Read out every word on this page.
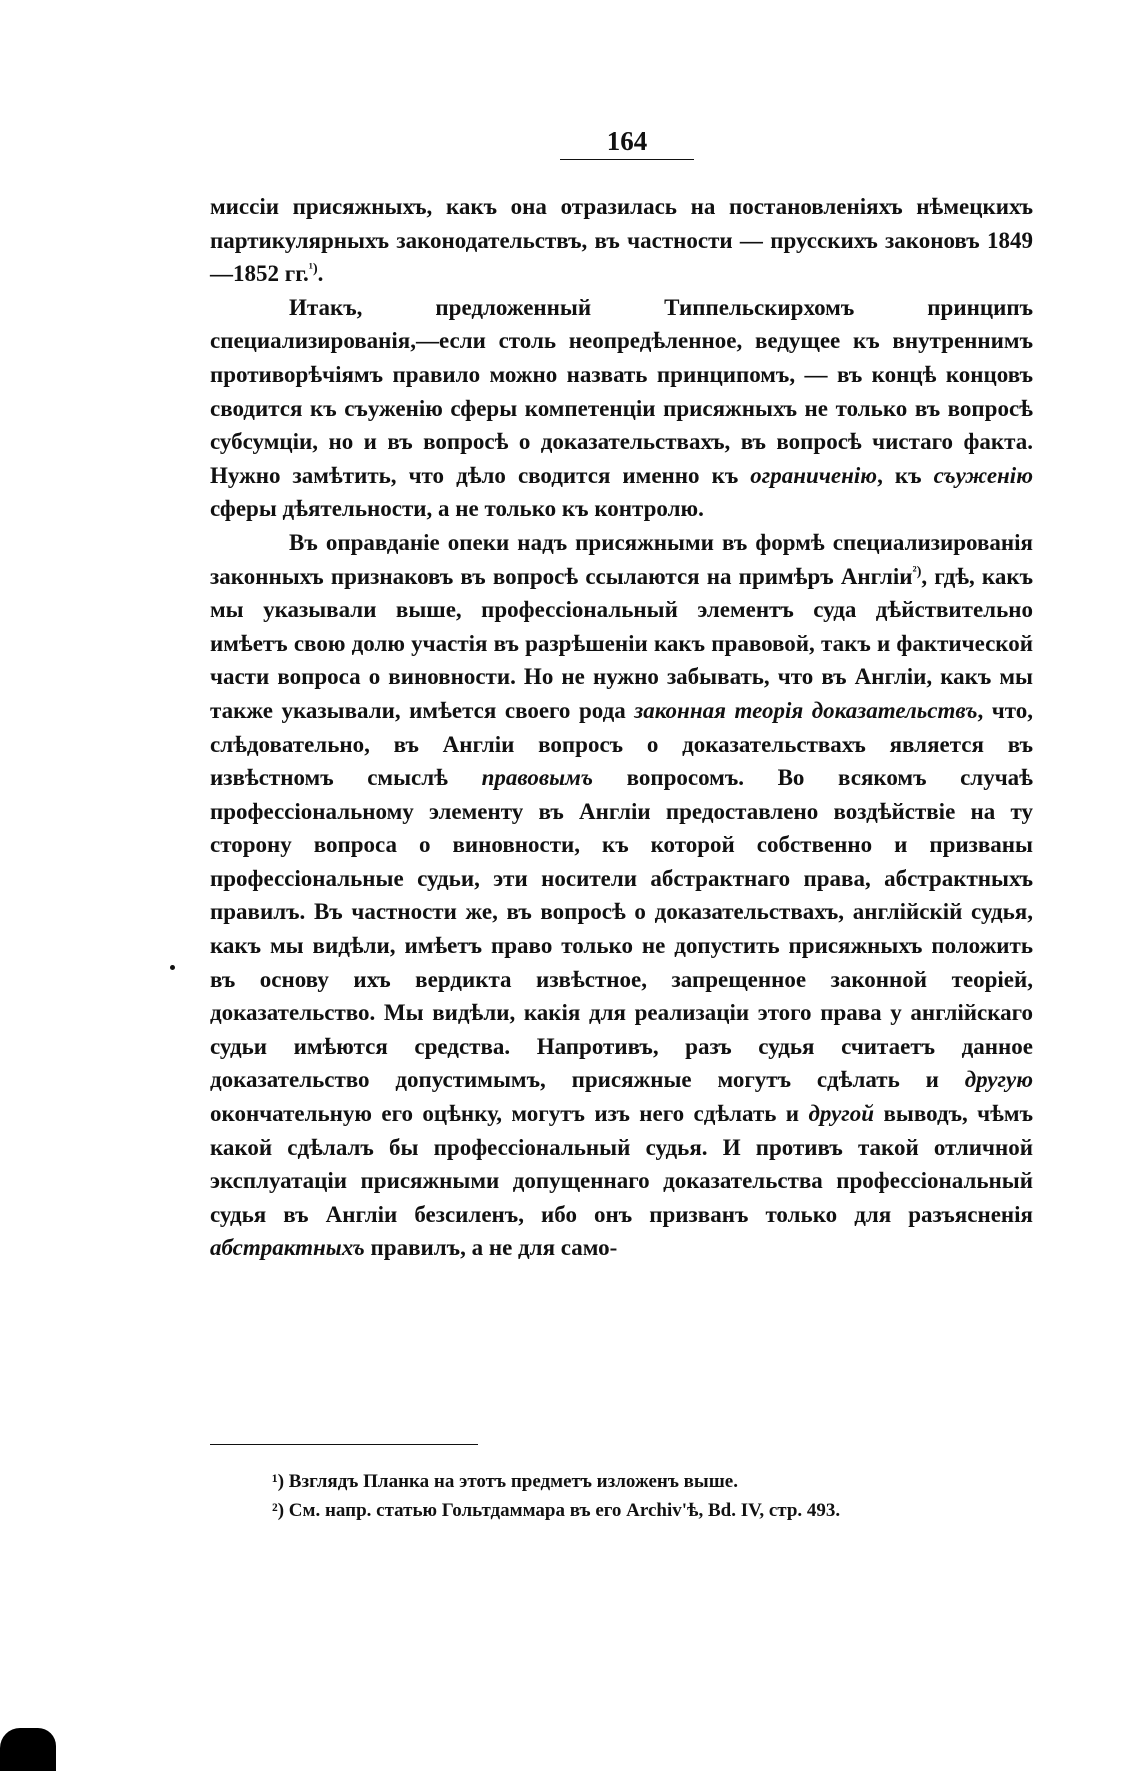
164

миссіи присяжныхъ, какъ она отразилась на постановленіяхъ нѣмецкихъ партикулярныхъ законодательствъ, въ частности — прусскихъ законовъ 1849—1852 гг.$^{^1)}$.

Итакъ, предложенный Типпельскирхомъ принципъ специализированія,—если столь неопредѣленное, ведущее къ внутреннимъ противорѣчіямъ правило можно назвать принципомъ, — въ концѣ концовъ сводится къ съуженію сферы компетенціи присяжныхъ не только въ вопросѣ субсумціи, но и въ вопросѣ о доказательствахъ, въ вопросѣ чистаго факта. Нужно замѣтить, что дѣло сводится именно къ ограниченію, къ съуженію сферы дѣятельности, а не только къ контролю.

Въ оправданіе опеки надъ присяжными въ формѣ специализированія законныхъ признаковъ въ вопросѣ ссылаются на примѣръ Англіи$^{^2)}$, гдѣ, какъ мы указывали выше, профессіональный элементъ суда дѣйствительно имѣетъ свою долю участія въ разрѣшеніи какъ правовой, такъ и фактической части вопроса о виновности. Но не нужно забывать, что въ Англіи, какъ мы также указывали, имѣется своего рода законная теорія доказательствъ, что, слѣдовательно, въ Англіи вопросъ о доказательствахъ является въ извѣстномъ смыслѣ правовымъ вопросомъ. Во всякомъ случаѣ профессіональному элементу въ Англіи предоставлено воздѣйствіе на ту сторону вопроса о виновности, къ которой собственно и призваны профессіональные судьи, эти носители абстрактнаго права, абстрактныхъ правилъ. Въ частности же, въ вопросѣ о доказательствахъ, англійскій судья, какъ мы видѣли, имѣетъ право только не допустить присяжныхъ положить въ основу ихъ вердикта извѣстное, запрещенное законной теоріей, доказательство. Мы видѣли, какія для реализаціи этого права у англійскаго судьи имѣются средства. Напротивъ, разъ судья считаетъ данное доказательство допустимымъ, присяжные могутъ сдѣлать и другую окончательную его оцѣнку, могутъ изъ него сдѣлать и другой выводъ, чѣмъ какой сдѣлалъ бы профессіональный судья. И противъ такой отличной эксплуатаціи присяжными допущеннаго доказательства профессіональный судья въ Англіи безсиленъ, ибо онъ призванъ только для разъясненія абстрактныхъ правилъ, а не для само-

¹) Взглядъ Планка на этотъ предметъ изложенъ выше.
²) См. напр. статью Гольтдаммара въ его Archiv'ѣ, Bd. IV, стр. 493.
